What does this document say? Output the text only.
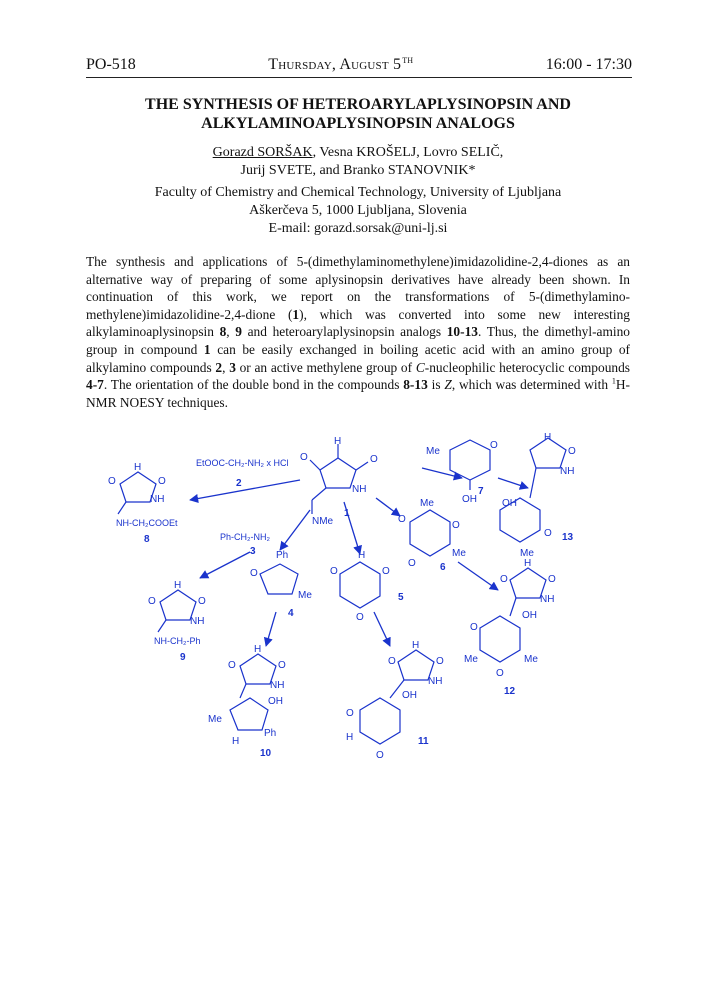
PO-518	Thursday, August 5TH	16:00 - 17:30
THE SYNTHESIS OF HETEROARYLAPLYSINOPSIN AND
ALKYLAMINOAPLYSINOPSIN ANALOGS
Gorazd SORŠAK, Vesna KROŠELJ, Lovro SELIČ,
Jurij SVETE, and Branko STANOVNIK*
Faculty of Chemistry and Chemical Technology, University of Ljubljana
Aškerčeva 5, 1000 Ljubljana, Slovenia
E-mail: gorazd.sorsak@uni-lj.si
The synthesis and applications of 5-(dimethylaminomethylene)imidazolidine-2,4-diones as an alternative way of preparing of some aplysinopsin derivatives have already been shown. In continuation of this work, we report on the transformations of 5-(dimethylamino-methylene)imidazolidine-2,4-dione (1), which was converted into some new interesting alkylaminoaplysinopsin 8, 9 and heteroarylaplysinopsin analogs 10-13. Thus, the dimethyl-amino group in compound 1 can be easily exchanged in boiling acetic acid with an amino group of alkylamino compounds 2, 3 or an active methylene group of C-nucleophilic heterocyclic compounds 4-7. The orientation of the double bond in the compounds 8-13 is Z, which was determined with $^1$H-NMR NOESY techniques.
H
O
O
NH
NMe
1
EtOOC-CH₂-NH₂ x HCl
2
O	O
H
NH
NH-CH₂COOEt
8	Ph-CH₂-NH₂
3
Me
O
OH
7
H
O
NH
OH
O
Me
13
Me
O
O
Me
O 6
O
H
O
O
5
O
Ph
Me
4
O
H
O
NH
NH-CH₂-Ph
9
O
H
O
NH
OH
Me
Ph
H
10
O
H
O
NH
OH
O
H
O
11
O
H
O
NH
OH
O
Me	Me
O
12
